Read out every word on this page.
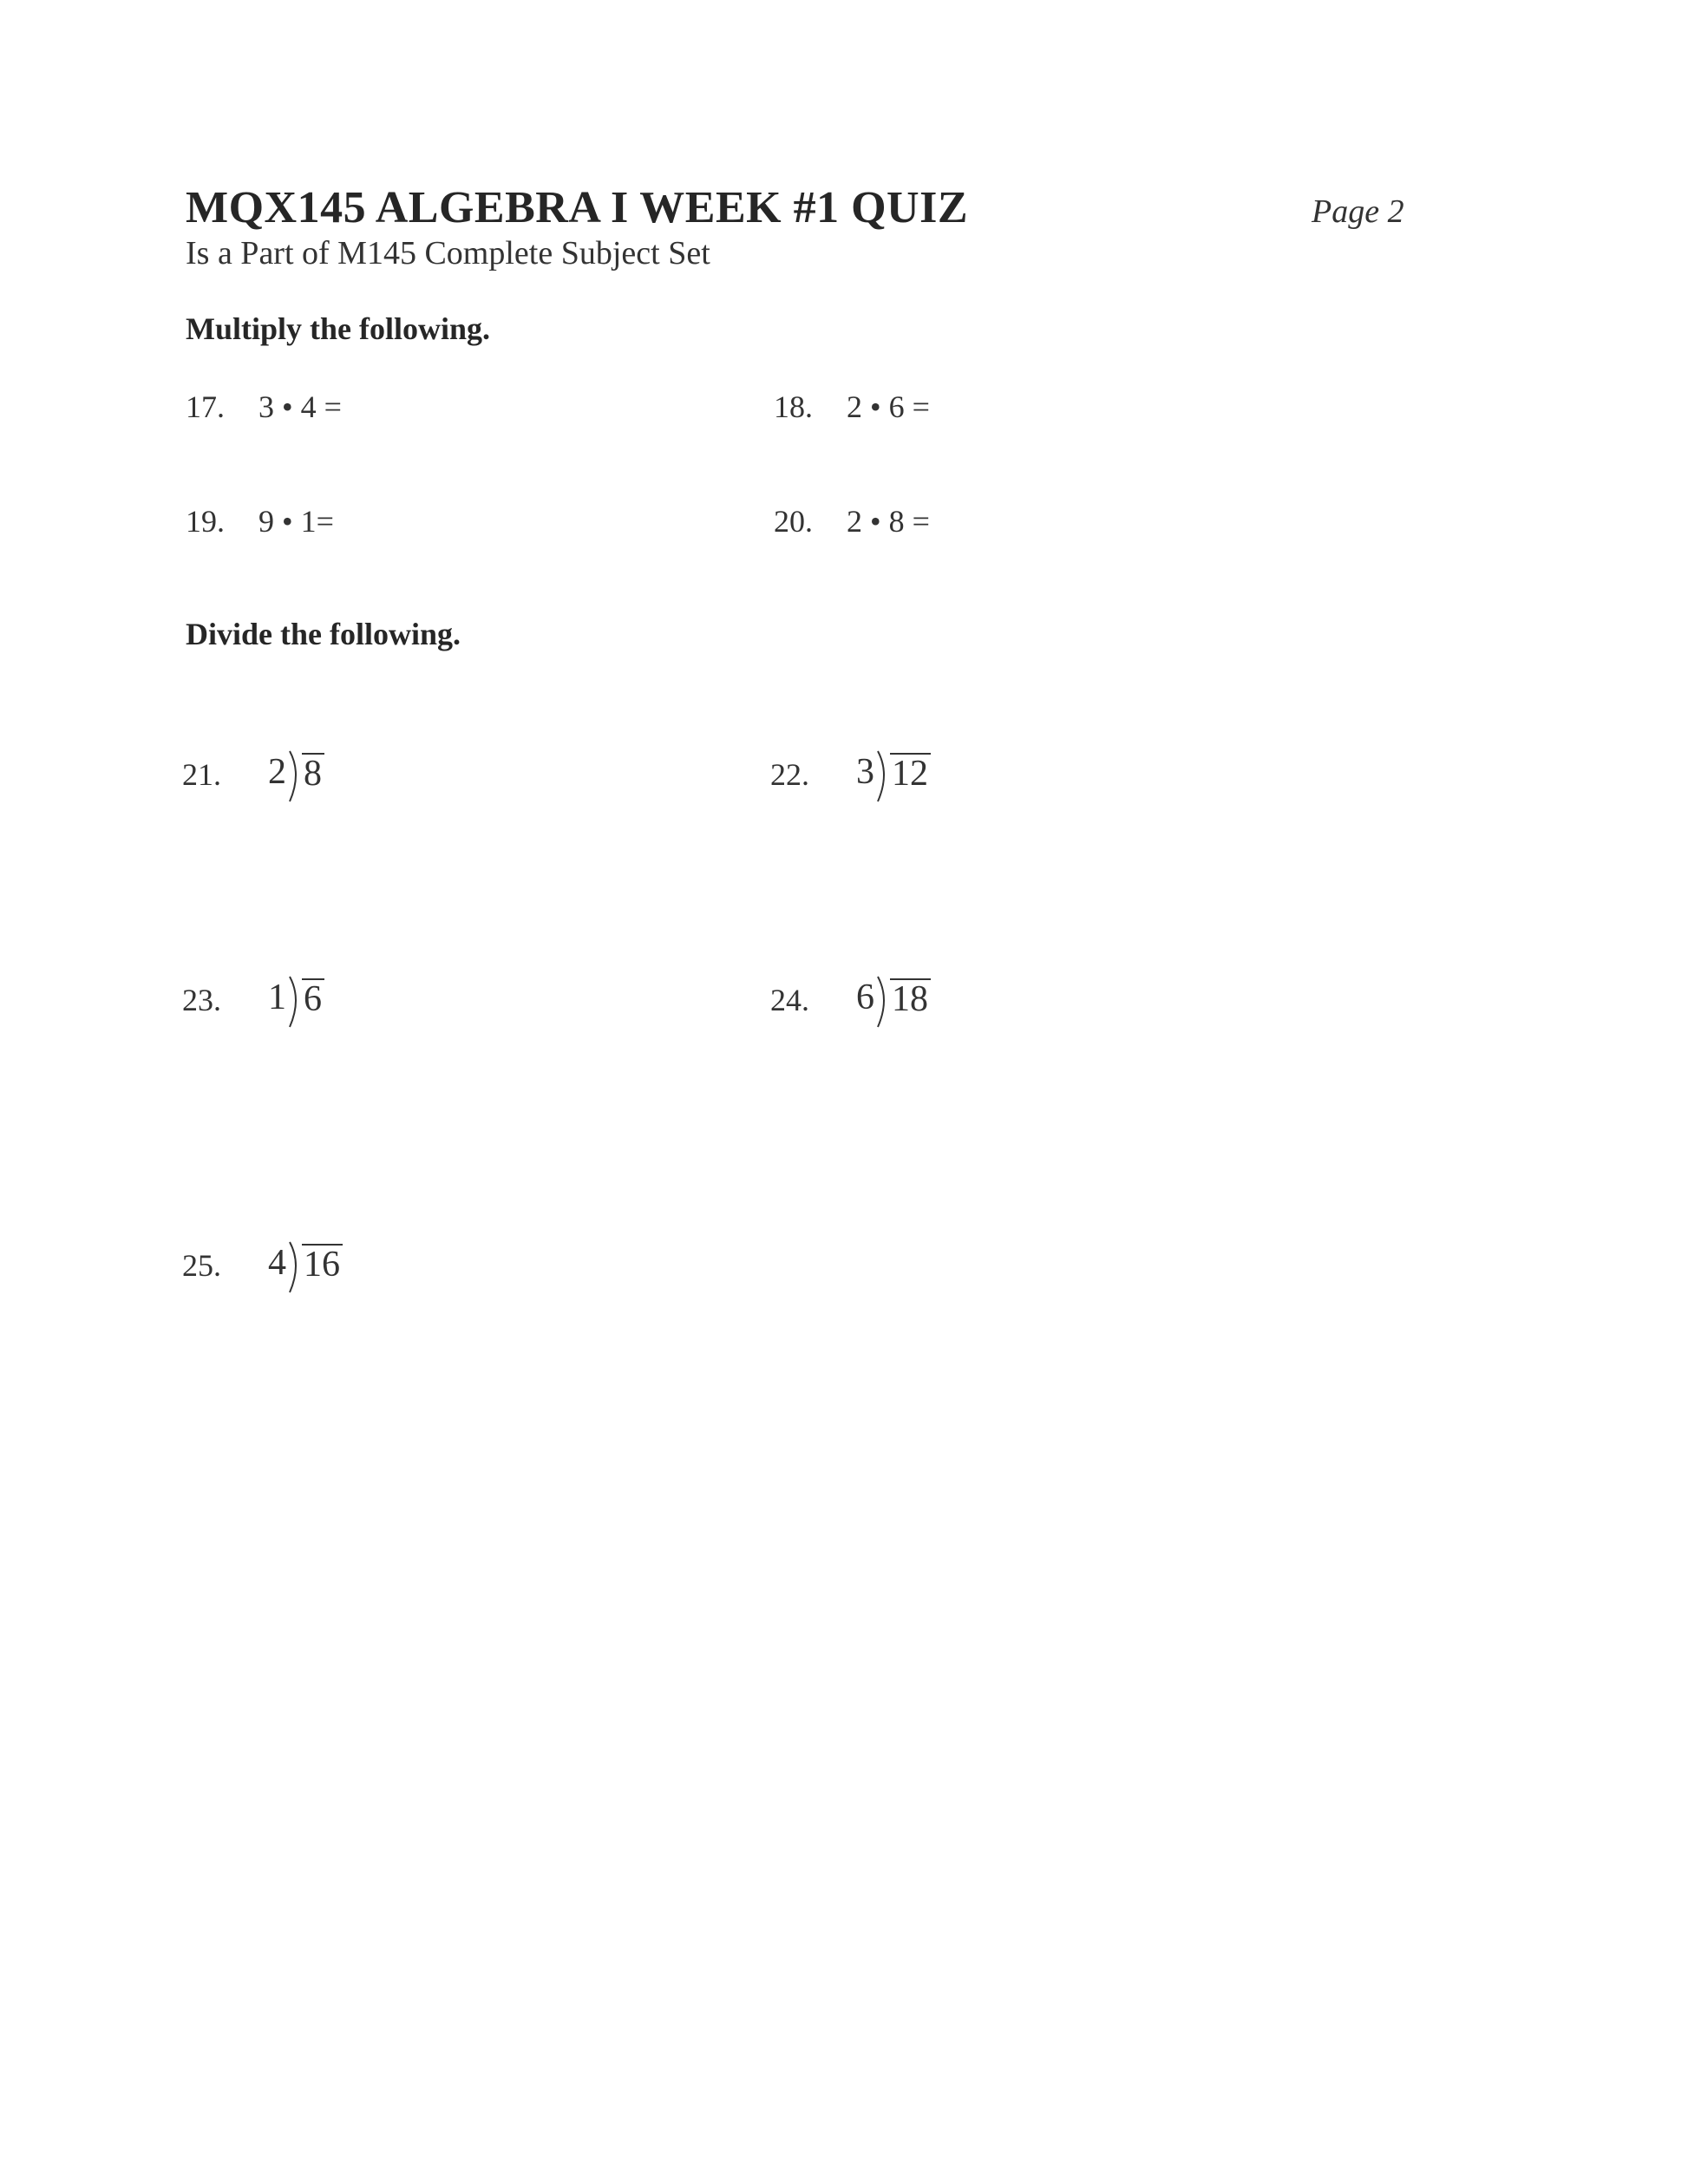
MQX145 ALGEBRA I WEEK #1 QUIZ
Is a Part of M145 Complete Subject Set
Page 2
Multiply the following.
17. 3 • 4 =	18. 2 • 6 =
19. 9 • 1=	20. 2 • 8 =
Divide the following.
21. 2 8	22. 3 12
23. 1 6	24. 6 18
25. 4 16
